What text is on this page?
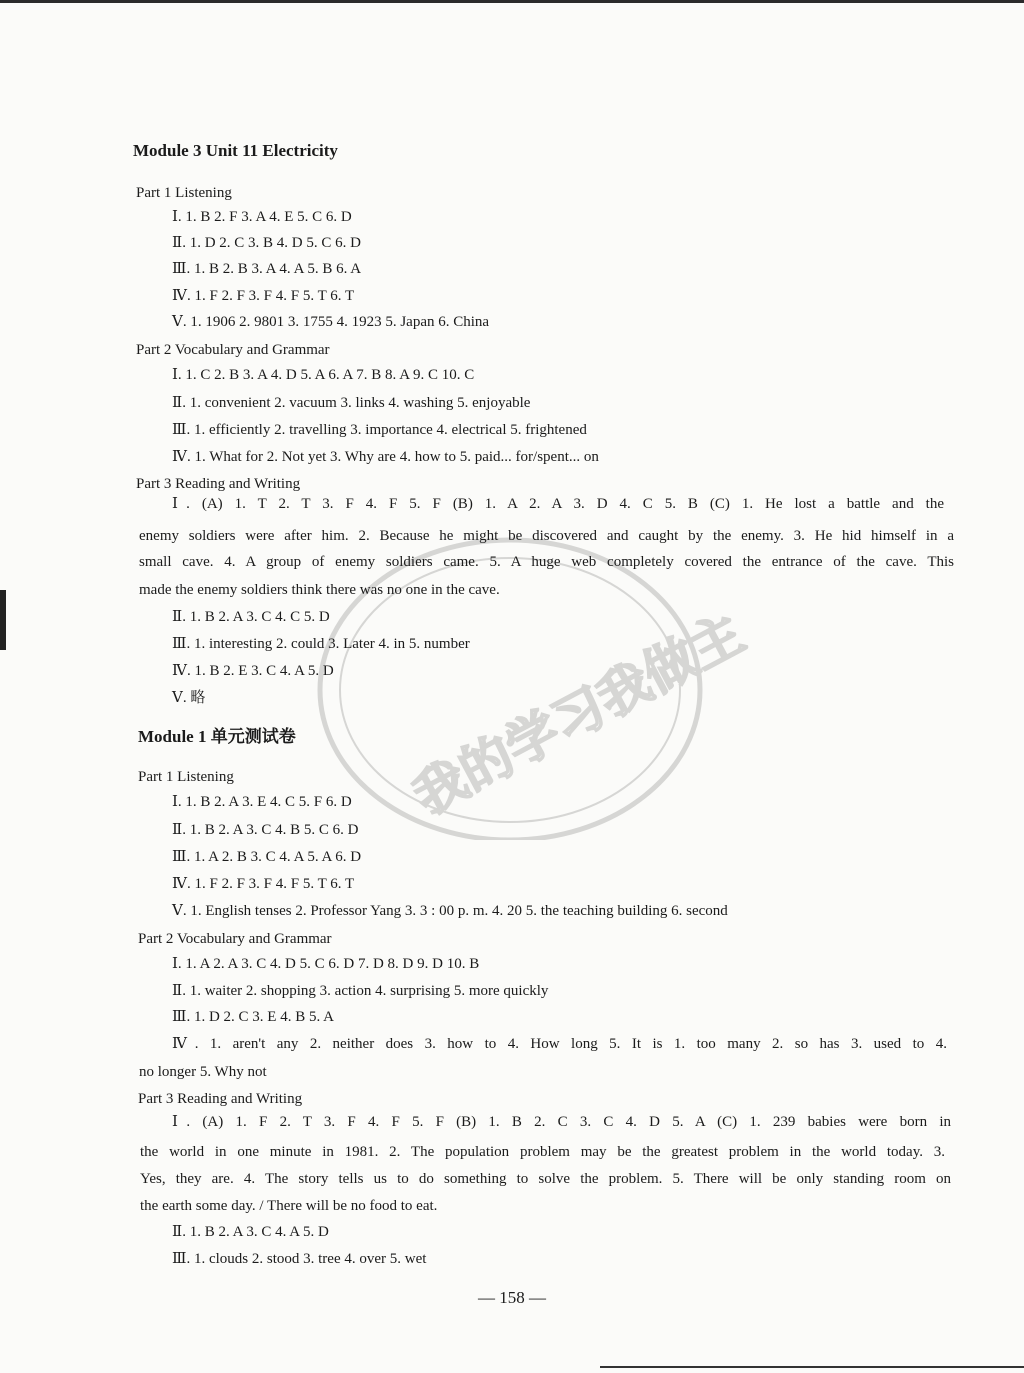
Module 3 Unit 11 Electricity
Part 1 Listening
Ⅰ. 1. B 2. F 3. A 4. E 5. C 6. D
Ⅱ. 1. D 2. C 3. B 4. D 5. C 6. D
Ⅲ. 1. B 2. B 3. A 4. A 5. B 6. A
Ⅳ. 1. F 2. F 3. F 4. F 5. T 6. T
Ⅴ. 1. 1906 2. 9801 3. 1755 4. 1923 5. Japan 6. China
Part 2 Vocabulary and Grammar
Ⅰ. 1. C 2. B 3. A 4. D 5. A 6. A 7. B 8. A 9. C 10. C
Ⅱ. 1. convenient 2. vacuum 3. links 4. washing 5. enjoyable
Ⅲ. 1. efficiently 2. travelling 3. importance 4. electrical 5. frightened
Ⅳ. 1. What for 2. Not yet 3. Why are 4. how to 5. paid... for/spent... on
Part 3 Reading and Writing
Ⅰ. (A) 1. T 2. T 3. F 4. F 5. F (B) 1. A 2. A 3. D 4. C 5. B (C) 1. He lost a battle and the
enemy soldiers were after him. 2. Because he might be discovered and caught by the enemy. 3. He hid himself in a
small cave. 4. A group of enemy soldiers came. 5. A huge web completely covered the entrance of the cave. This
made the enemy soldiers think there was no one in the cave.
Ⅱ. 1. B 2. A 3. C 4. C 5. D
Ⅲ. 1. interesting 2. could 3. Later 4. in 5. number
Ⅳ. 1. B 2. E 3. C 4. A 5. D
Ⅴ. 略
Module 1 单元测试卷
Part 1 Listening
Ⅰ. 1. B 2. A 3. E 4. C 5. F 6. D
Ⅱ. 1. B 2. A 3. C 4. B 5. C 6. D
Ⅲ. 1. A 2. B 3. C 4. A 5. A 6. D
Ⅳ. 1. F 2. F 3. F 4. F 5. T 6. T
Ⅴ. 1. English tenses 2. Professor Yang 3. 3 : 00 p. m. 4. 20 5. the teaching building 6. second
Part 2 Vocabulary and Grammar
Ⅰ. 1. A 2. A 3. C 4. D 5. C 6. D 7. D 8. D 9. D 10. B
Ⅱ. 1. waiter 2. shopping 3. action 4. surprising 5. more quickly
Ⅲ. 1. D 2. C 3. E 4. B 5. A
Ⅳ. 1. aren't any 2. neither does 3. how to 4. How long 5. It is 1. too many 2. so has 3. used to 4.
no longer 5. Why not
Part 3 Reading and Writing
Ⅰ. (A) 1. F 2. T 3. F 4. F 5. F (B) 1. B 2. C 3. C 4. D 5. A (C) 1. 239 babies were born in
the world in one minute in 1981. 2. The population problem may be the greatest problem in the world today. 3.
Yes, they are. 4. The story tells us to do something to solve the problem. 5. There will be only standing room on
the earth some day. / There will be no food to eat.
Ⅱ. 1. B 2. A 3. C 4. A 5. D
Ⅲ. 1. clouds 2. stood 3. tree 4. over 5. wet
— 158 —
我的学习我做主
